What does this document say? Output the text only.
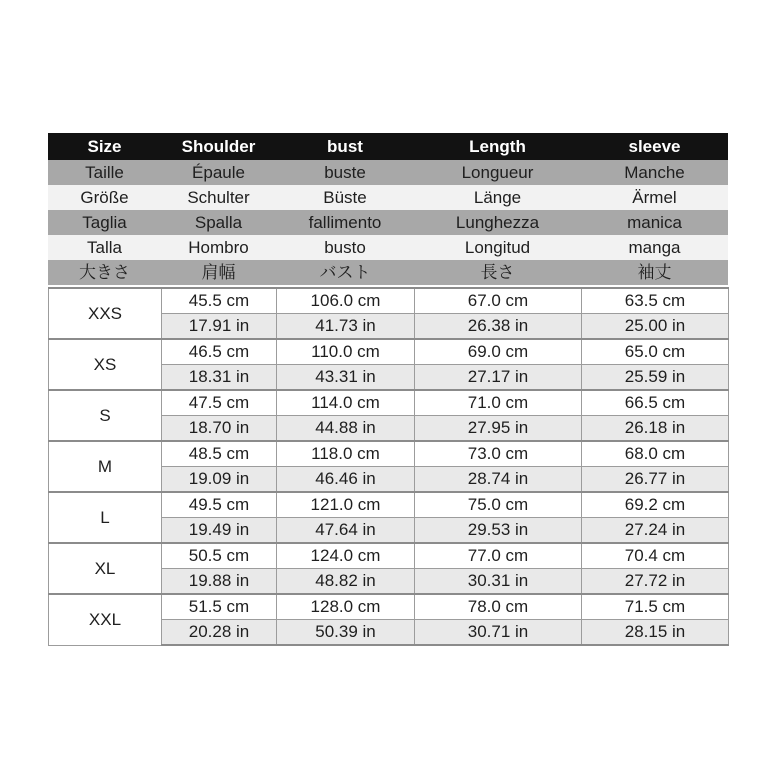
Size	Shoulder	bust	Length	sleeve
Taille	Épaule	buste	Longueur	Manche
Größe	Schulter	Büste	Länge	Ärmel
Taglia	Spalla	fallimento	Lunghezza	manica
Talla	Hombro	busto	Longitud	manga
大きさ	肩幅	バスト	長さ	袖丈
XXS	45.5 cm	106.0 cm	67.0 cm	63.5 cm
	17.91 in	41.73 in	26.38 in	25.00 in
XS	46.5 cm	110.0 cm	69.0 cm	65.0 cm
	18.31 in	43.31 in	27.17 in	25.59 in
S	47.5 cm	114.0 cm	71.0 cm	66.5 cm
	18.70 in	44.88 in	27.95 in	26.18 in
M	48.5 cm	118.0 cm	73.0 cm	68.0 cm
	19.09 in	46.46 in	28.74 in	26.77 in
L	49.5 cm	121.0 cm	75.0 cm	69.2 cm
	19.49 in	47.64 in	29.53 in	27.24 in
XL	50.5 cm	124.0 cm	77.0 cm	70.4 cm
	19.88 in	48.82 in	30.31 in	27.72 in
XXL	51.5 cm	128.0 cm	78.0 cm	71.5 cm
	20.28 in	50.39 in	30.71 in	28.15 in
